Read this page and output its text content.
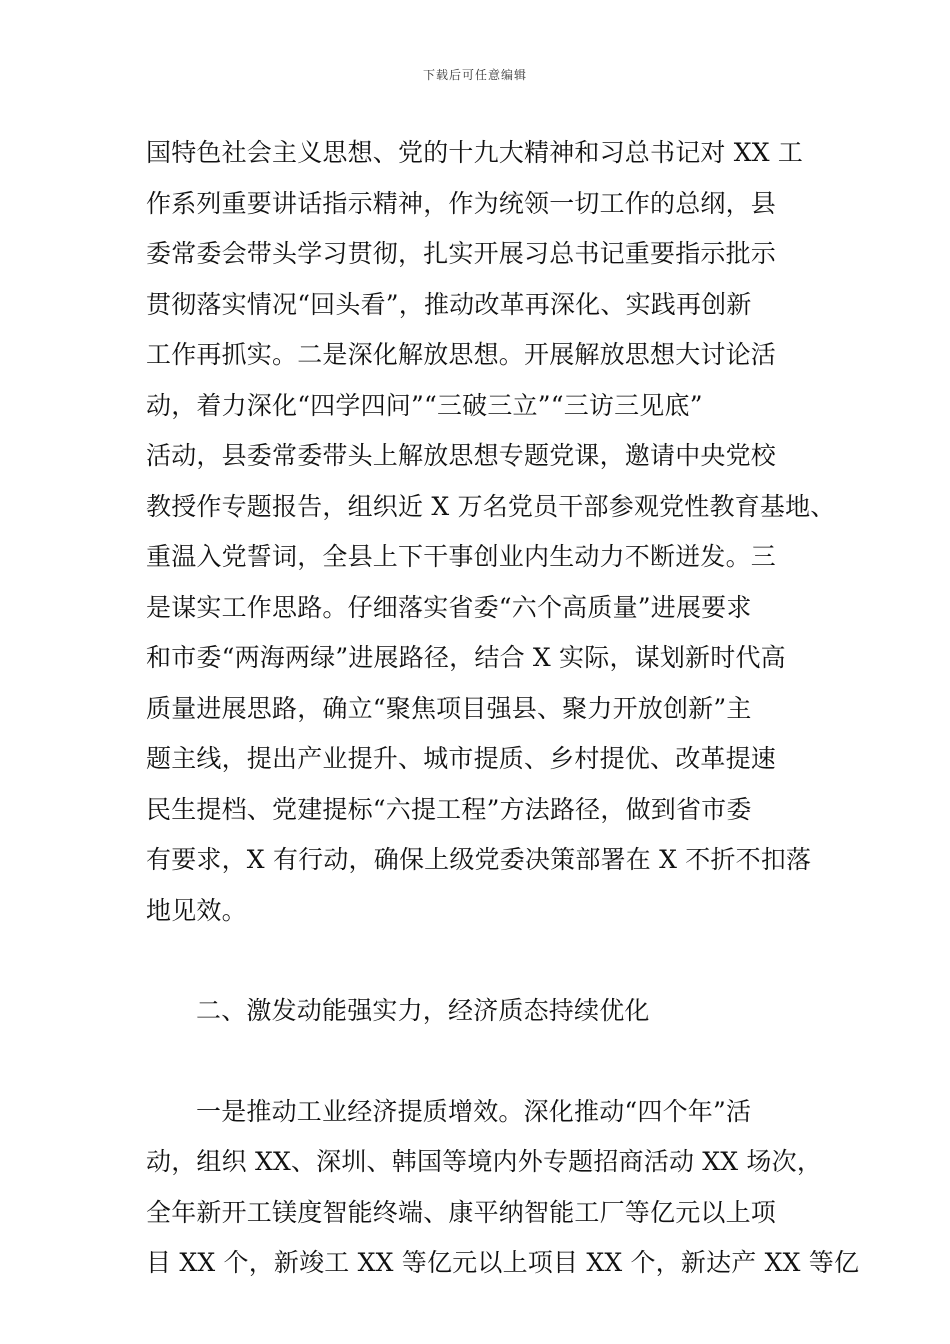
下载后可任意编辑
国特色社会主义思想、党的十九大精神和习总书记对 XX 工
作系列重要讲话指示精神，作为统领一切工作的总纲，县
委常委会带头学习贯彻，扎实开展习总书记重要指示批示
贯彻落实情况“回头看”，推动改革再深化、实践再创新
工作再抓实。二是深化解放思想。开展解放思想大讨论活
动，着力深化“四学四问”“三破三立”“三访三见底”
活动，县委常委带头上解放思想专题党课，邀请中央党校
教授作专题报告，组织近 X 万名党员干部参观党性教育基地、
重温入党誓词，全县上下干事创业内生动力不断迸发。三
是谋实工作思路。仔细落实省委“六个高质量”进展要求
和市委“两海两绿”进展路径，结合 X 实际，谋划新时代高
质量进展思路，确立“聚焦项目强县、聚力开放创新”主
题主线，提出产业提升、城市提质、乡村提优、改革提速
民生提档、党建提标“六提工程”方法路径，做到省市委
有要求，X 有行动，确保上级党委决策部署在 X 不折不扣落
地见效。
二、激发动能强实力，经济质态持续优化
一是推动工业经济提质增效。深化推动“四个年”活
动，组织 XX、深圳、韩国等境内外专题招商活动 XX 场次，
全年新开工镁度智能终端、康平纳智能工厂等亿元以上项
目 XX 个，新竣工 XX 等亿元以上项目 XX 个，新达产 XX 等亿
